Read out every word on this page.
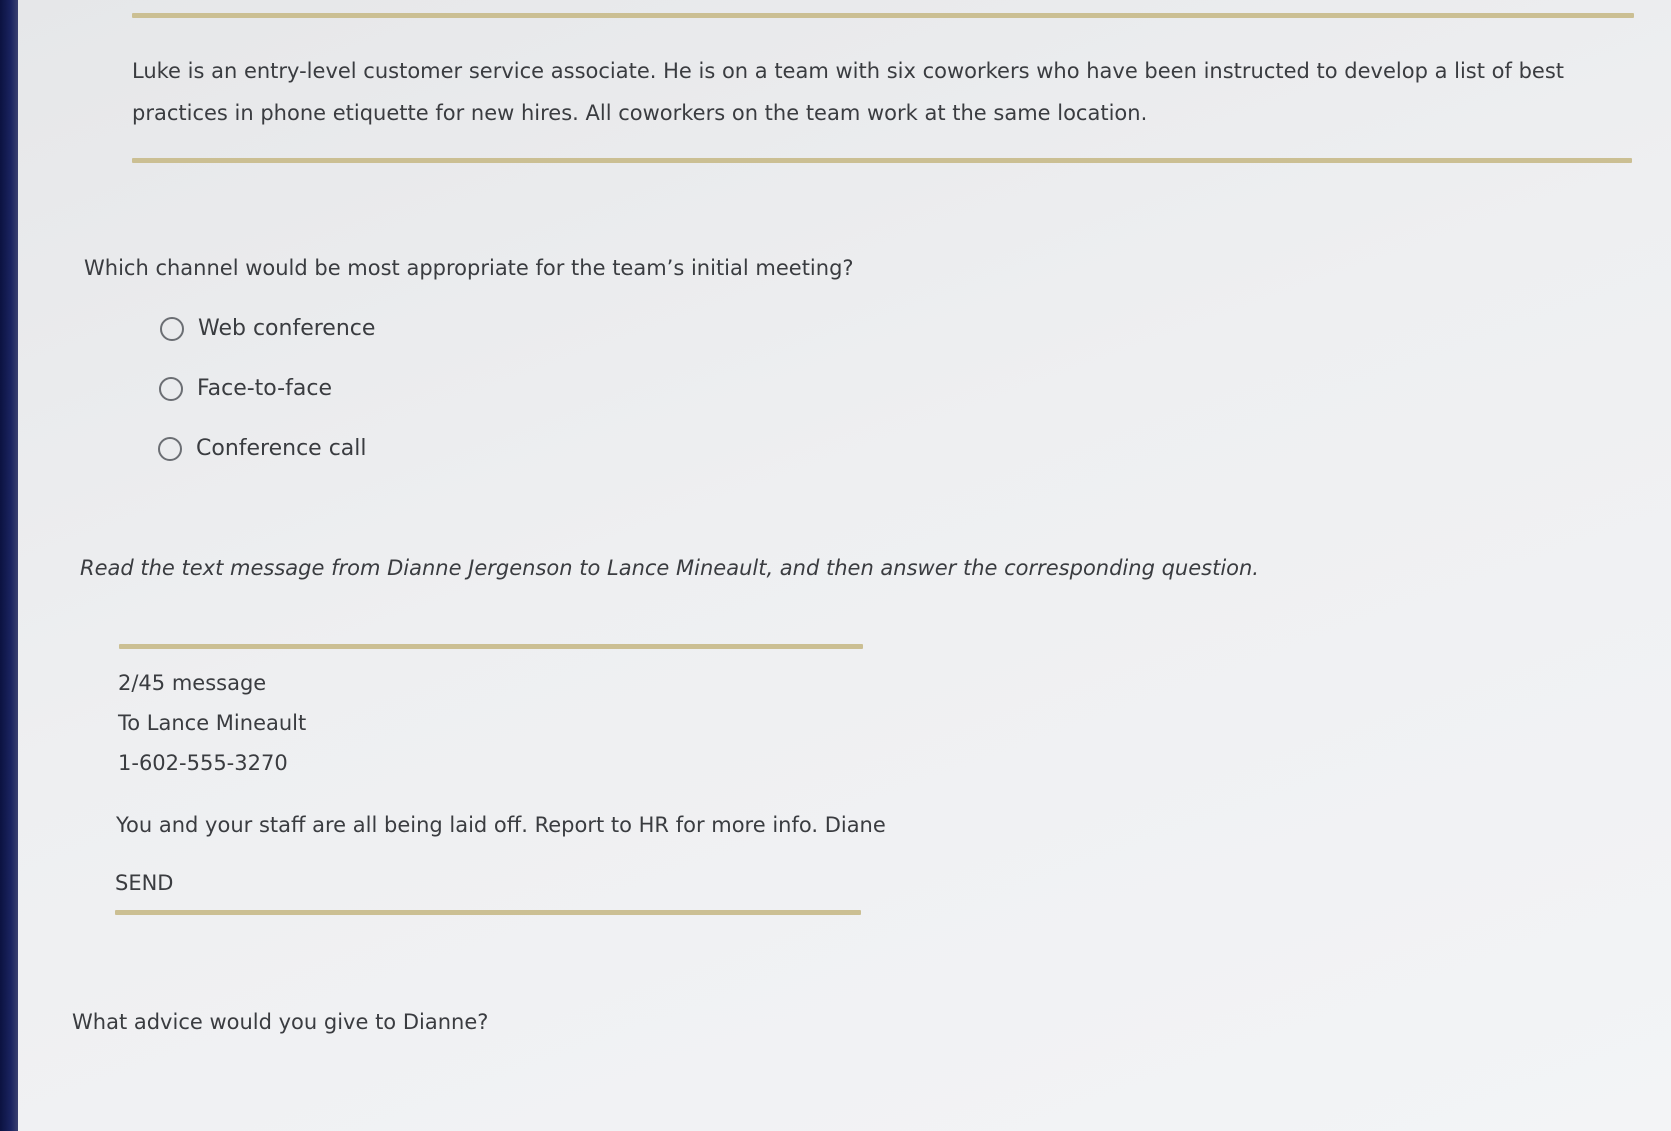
Luke is an entry-level customer service associate. He is on a team with six coworkers who have been instructed to develop a list of best practices in phone etiquette for new hires. All coworkers on the team work at the same location.
Which channel would be most appropriate for the team’s initial meeting?
Web conference
Face-to-face
Conference call
Read the text message from Dianne Jergenson to Lance Mineault, and then answer the corresponding question.
2/45 message
To Lance Mineault
1-602-555-3270
You and your staff are all being laid off. Report to HR for more info. Diane
SEND
What advice would you give to Dianne?
